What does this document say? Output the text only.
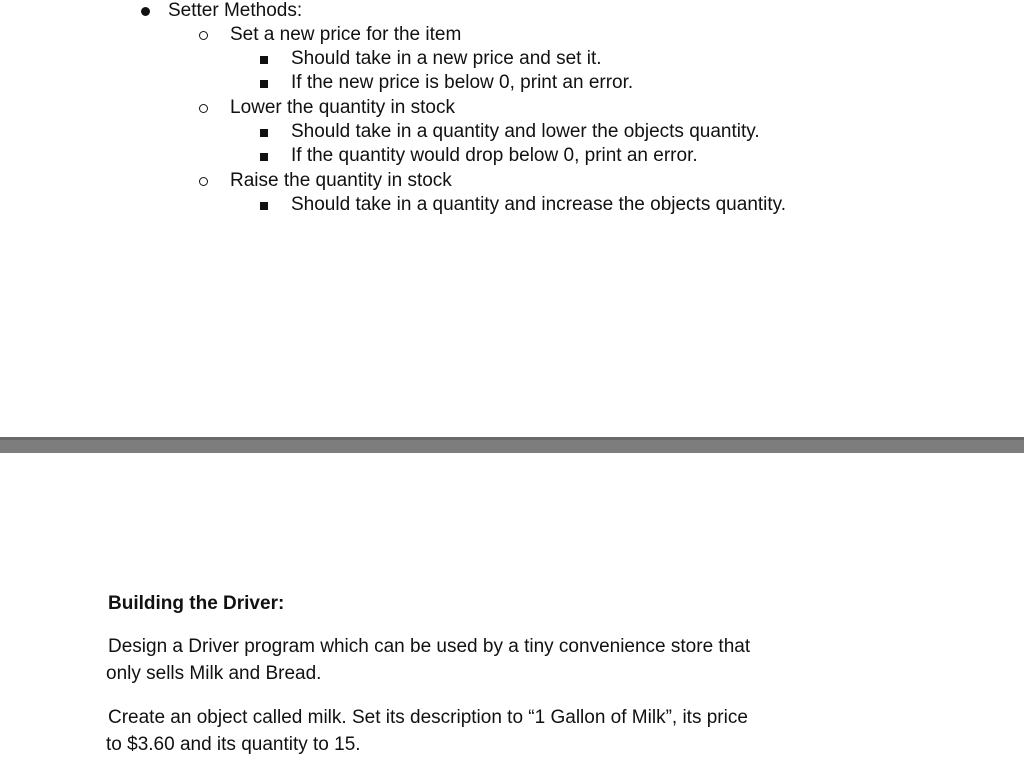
Setter Methods:
Set a new price for the item
Should take in a new price and set it.
If the new price is below 0, print an error.
Lower the quantity in stock
Should take in a quantity and lower the objects quantity.
If the quantity would drop below 0, print an error.
Raise the quantity in stock
Should take in a quantity and increase the objects quantity.
Building the Driver:
Design a Driver program which can be used by a tiny convenience store that
only sells Milk and Bread.
Create an object called milk. Set its description to “1 Gallon of Milk”, its price
to $3.60 and its quantity to 15.
